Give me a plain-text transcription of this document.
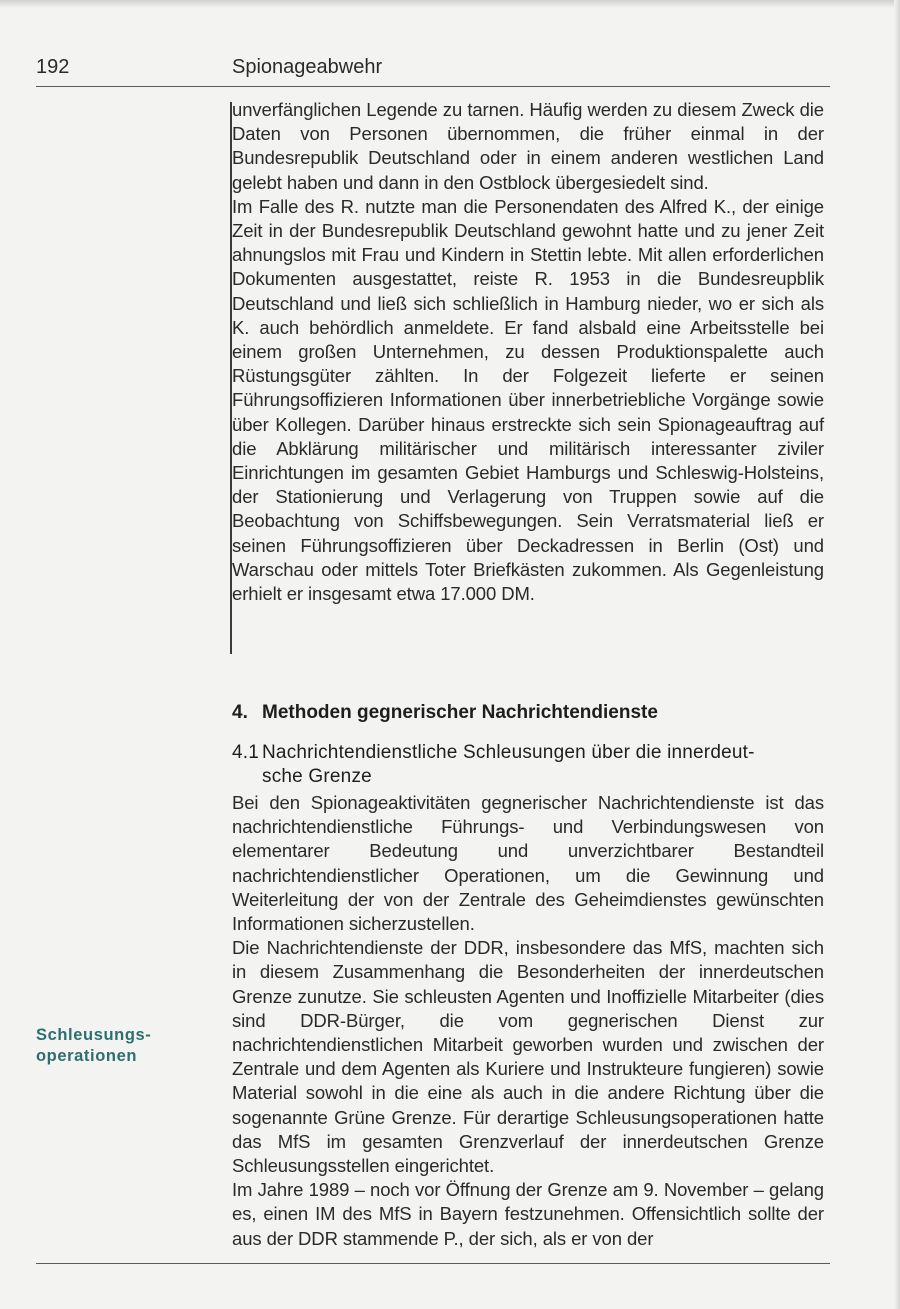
192	Spionageabwehr

unverfänglichen Legende zu tarnen. Häufig werden zu diesem Zweck die Daten von Personen übernommen, die früher einmal in der Bundesrepublik Deutschland oder in einem anderen westlichen Land gelebt haben und dann in den Ostblock übergesiedelt sind.

Im Falle des R. nutzte man die Personendaten des Alfred K., der einige Zeit in der Bundesrepublik Deutschland gewohnt hatte und zu jener Zeit ahnungslos mit Frau und Kindern in Stettin lebte. Mit allen erforderlichen Dokumenten ausgestattet, reiste R. 1953 in die Bundesreupblik Deutschland und ließ sich schließlich in Hamburg nieder, wo er sich als K. auch behördlich anmeldete. Er fand alsbald eine Arbeitsstelle bei einem großen Unternehmen, zu dessen Produktionspalette auch Rüstungsgüter zählten. In der Folgezeit lieferte er seinen Führungsoffizieren Informationen über innerbetriebliche Vorgänge sowie über Kollegen. Darüber hinaus erstreckte sich sein Spionageauftrag auf die Abklärung militärischer und militärisch interessanter ziviler Einrichtungen im gesamten Gebiet Hamburgs und Schleswig-Holsteins, der Stationierung und Verlagerung von Truppen sowie auf die Beobachtung von Schiffsbewegungen. Sein Verratsmaterial ließ er seinen Führungsoffizieren über Deckadressen in Berlin (Ost) und Warschau oder mittels Toter Briefkästen zukommen. Als Gegenleistung erhielt er insgesamt etwa 17.000 DM.

4. Methoden gegnerischer Nachrichtendienste
4.1 Nachrichtendienstliche Schleusungen über die innerdeut-
sche Grenze

Bei den Spionageaktivitäten gegnerischer Nachrichtendienste ist das nachrichtendienstliche Führungs- und Verbindungswesen von elementarer Bedeutung und unverzichtbarer Bestandteil nachrichtendienstlicher Operationen, um die Gewinnung und Weiterleitung der von der Zentrale des Geheimdienstes gewünschten Informationen sicherzustellen.

Die Nachrichtendienste der DDR, insbesondere das MfS, machten sich in diesem Zusammenhang die Besonderheiten der innerdeutschen Grenze zunutze. Sie schleusten Agenten und Inoffizielle Mitarbeiter (dies sind DDR-Bürger, die vom gegnerischen Dienst zur nachrichtendienstlichen Mitarbeit geworben wurden und zwischen der Zentrale und dem Agenten als Kuriere und Instrukteure fungieren) sowie Material sowohl in die eine als auch in die andere Richtung über die sogenannte Grüne Grenze. Für derartige Schleusungsoperationen hatte das MfS im gesamten Grenzverlauf der innerdeutschen Grenze Schleusungsstellen eingerichtet.

Im Jahre 1989 – noch vor Öffnung der Grenze am 9. November – gelang es, einen IM des MfS in Bayern festzunehmen. Offensichtlich sollte der aus der DDR stammende P., der sich, als er von der

Schleusungs-
operationen
